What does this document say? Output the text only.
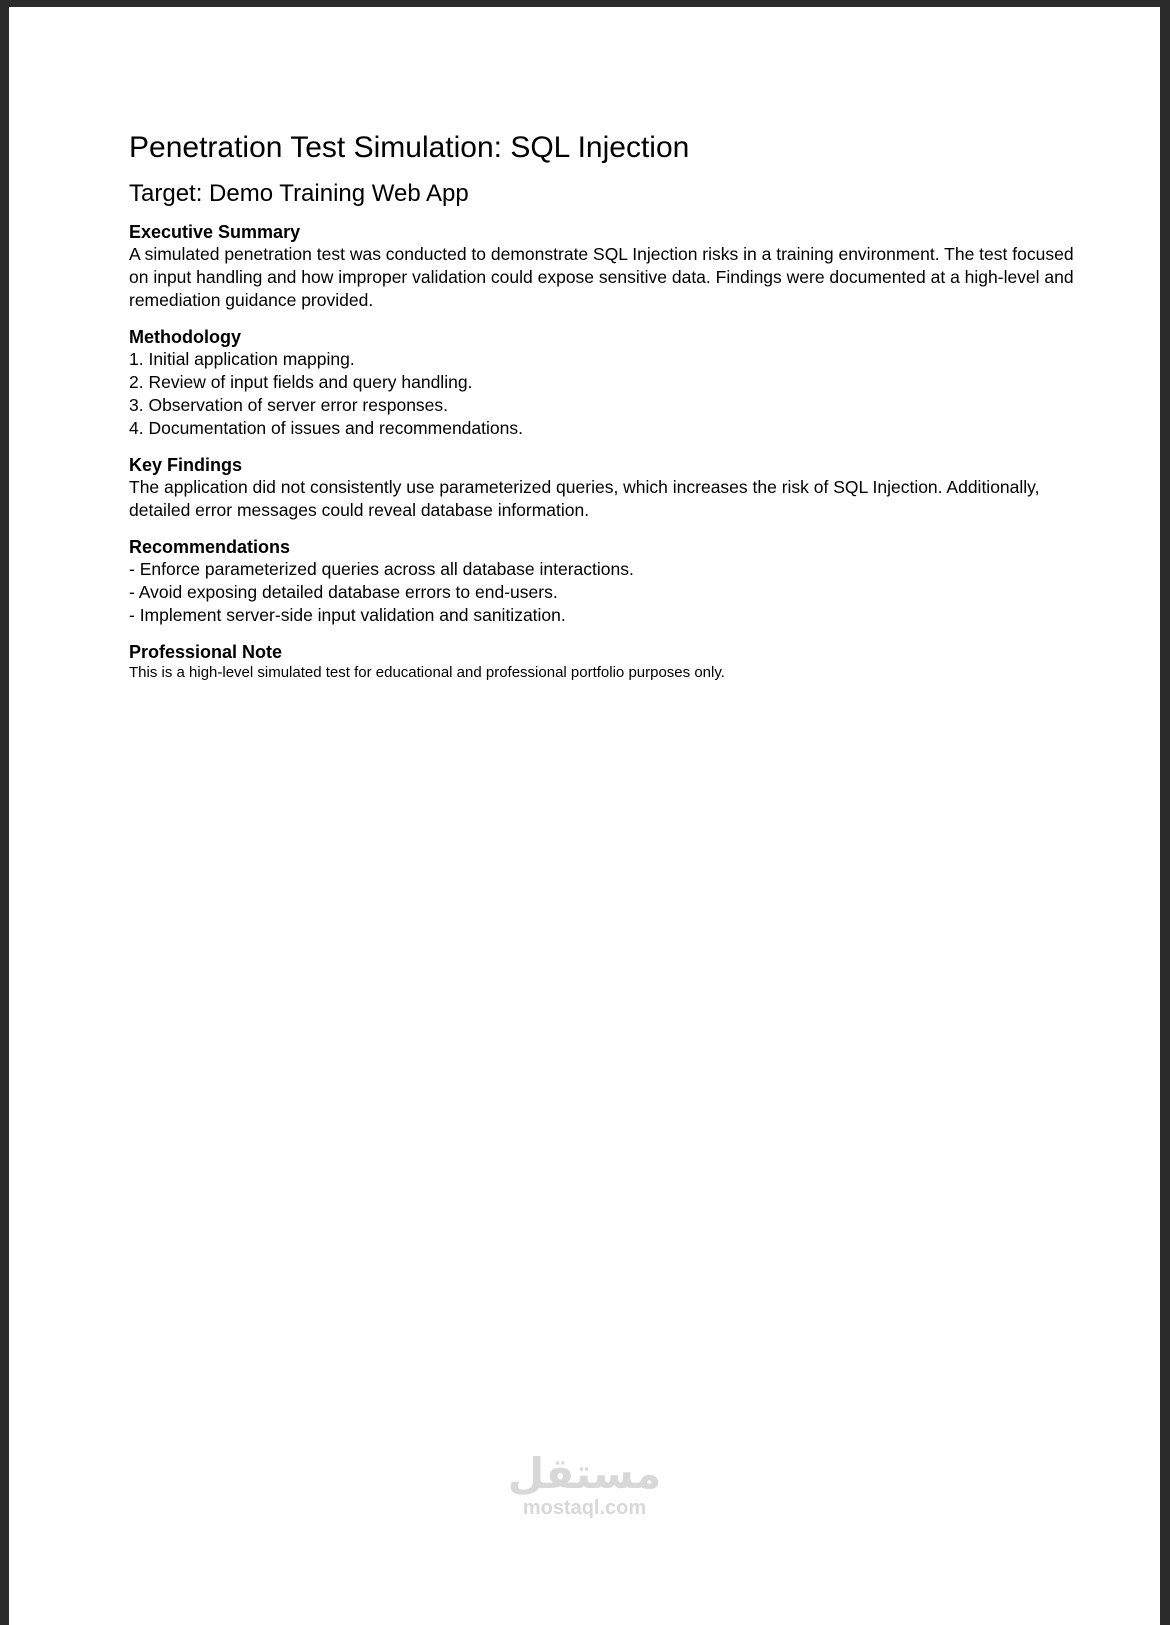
Penetration Test Simulation: SQL Injection
Target: Demo Training Web App
Executive Summary

A simulated penetration test was conducted to demonstrate SQL Injection risks in a training environment. The test focused on input handling and how improper validation could expose sensitive data. Findings were documented at a high-level and remediation guidance provided.

Methodology

1. Initial application mapping.

2. Review of input fields and query handling.

3. Observation of server error responses.

4. Documentation of issues and recommendations.

Key Findings

The application did not consistently use parameterized queries, which increases the risk of SQL Injection. Additionally, detailed error messages could reveal database information.

Recommendations

- Enforce parameterized queries across all database interactions.

- Avoid exposing detailed database errors to end-users.

- Implement server-side input validation and sanitization.

Professional Note

This is a high-level simulated test for educational and professional portfolio purposes only.

مستقل
mostaql.com
